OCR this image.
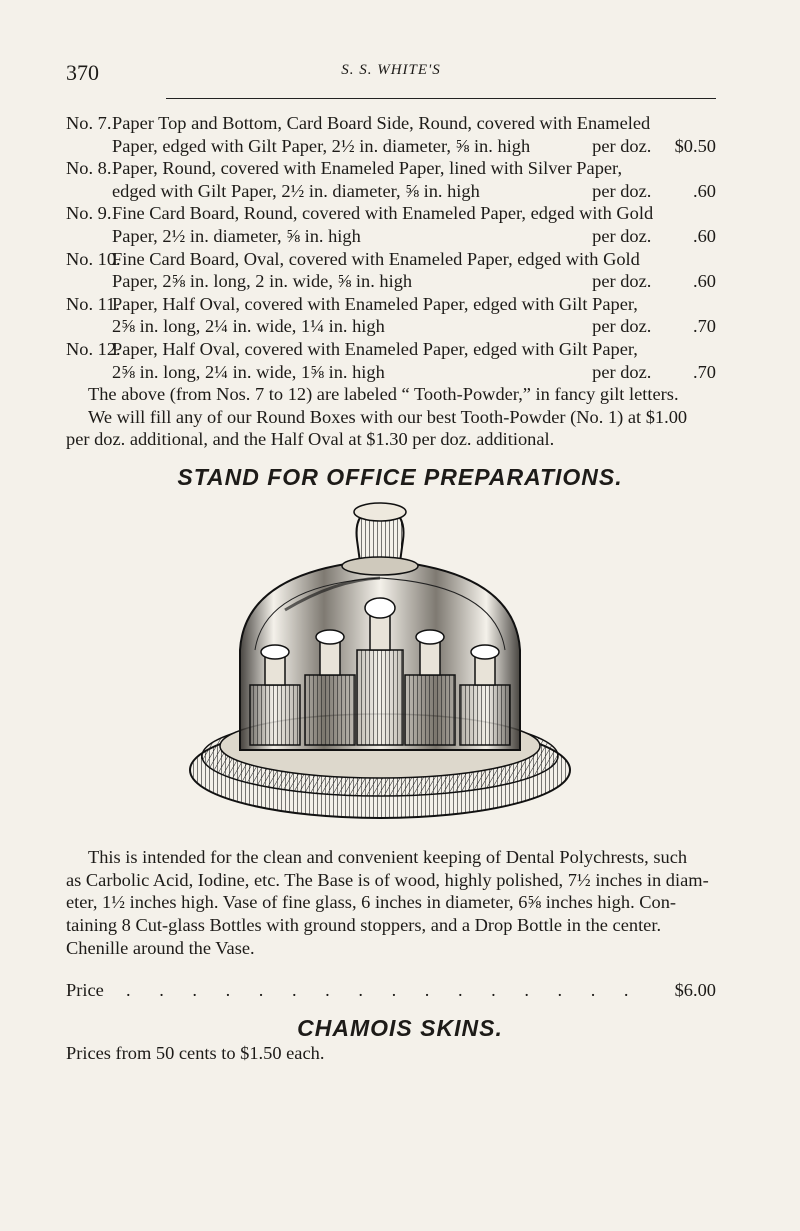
370	S. S. WHITE'S
No. 7.Paper Top and Bottom, Card Board Side, Round, covered with Enameled
Paper, edged with Gilt Paper, 2½ in. diameter, ⅝ in. high	per doz. $0.50
No. 8.Paper, Round, covered with Enameled Paper, lined with Silver Paper,
edged with Gilt Paper, 2½ in. diameter, ⅝ in. high	per doz. .60
No. 9.Fine Card Board, Round, covered with Enameled Paper, edged with Gold
Paper, 2½ in. diameter, ⅝ in. high	per doz. .60
No. 10.Fine Card Board, Oval, covered with Enameled Paper, edged with Gold
Paper, 2⅝ in. long, 2 in. wide, ⅝ in. high	per doz. .60
No. 11.Paper, Half Oval, covered with Enameled Paper, edged with Gilt Paper,
2⅝ in. long, 2¼ in. wide, 1¼ in. high	per doz. .70
No. 12.Paper, Half Oval, covered with Enameled Paper, edged with Gilt Paper,
2⅝ in. long, 2¼ in. wide, 1⅝ in. high	per doz. .70
The above (from Nos. 7 to 12) are labeled “ Tooth-Powder,” in fancy gilt letters.
We will fill any of our Round Boxes with our best Tooth-Powder (No. 1) at $1.00
per doz. additional, and the Half Oval at $1.30 per doz. additional.
STAND FOR OFFICE PREPARATIONS.
This is intended for the clean and convenient keeping of Dental Polychrests, such
as Carbolic Acid, Iodine, etc. The Base is of wood, highly polished, 7½ inches in diam-
eter, 1½ inches high. Vase of fine glass, 6 inches in diameter, 6⅝ inches high. Con-
taining 8 Cut-glass Bottles with ground stoppers, and a Drop Bottle in the center.
Chenille around the Vase.
Price . . . . . . . . . . . . . . . .	$6.00
CHAMOIS SKINS.
Prices from 50 cents to $1.50 each.
